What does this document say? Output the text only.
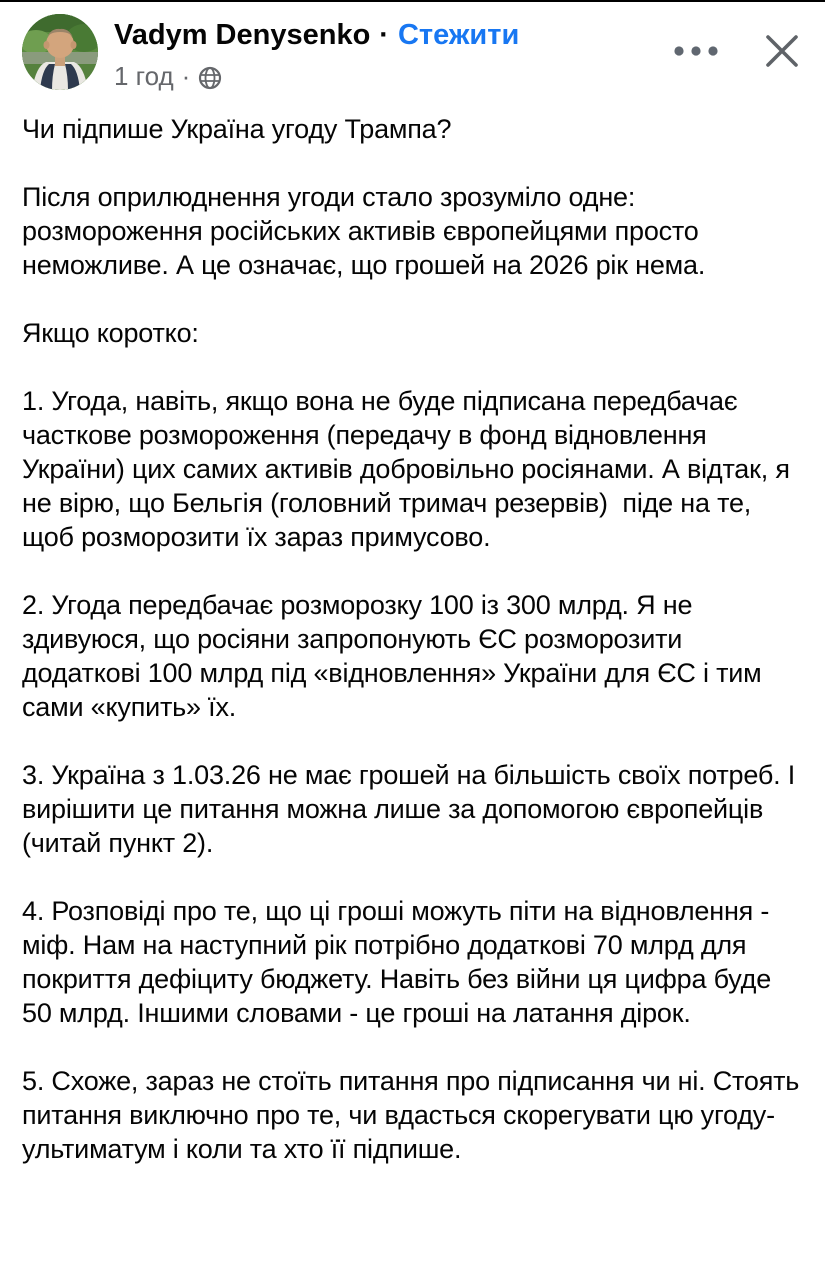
Vadym Denysenko · Стежити
1 год ·

Чи підпише Україна угоду Трампа?

Після оприлюднення угоди стало зрозуміло одне: розмороження російських активів європейцями просто неможливе. А це означає, що грошей на 2026 рік нема.

Якщо коротко:

1. Угода, навіть, якщо вона не буде підписана передбачає часткове розмороження (передачу в фонд відновлення України) цих самих активів добровільно росіянами. А відтак, я не вірю, що Бельгія (головний тримач резервів)  піде на те, щоб розморозити їх зараз примусово.

2. Угода передбачає розморозку 100 із 300 млрд. Я не здивуюся, що росіяни запропонують ЄС розморозити додаткові 100 млрд під «відновлення» України для ЄС і тим сами «купить» їх.

3. Україна з 1.03.26 не має грошей на більшість своїх потреб. І вирішити це питання можна лише за допомогою європейців (читай пункт 2).

4. Розповіді про те, що ці гроші можуть піти на відновлення - міф. Нам на наступний рік потрібно додаткові 70 млрд для покриття дефіциту бюджету. Навіть без війни ця цифра буде 50 млрд. Іншими словами - це гроші на латання дірок.

5. Схоже, зараз не стоїть питання про підписання чи ні. Стоять питання виключно про те, чи вдасться скорегувати цю угоду-ультиматум і коли та хто її підпише.
